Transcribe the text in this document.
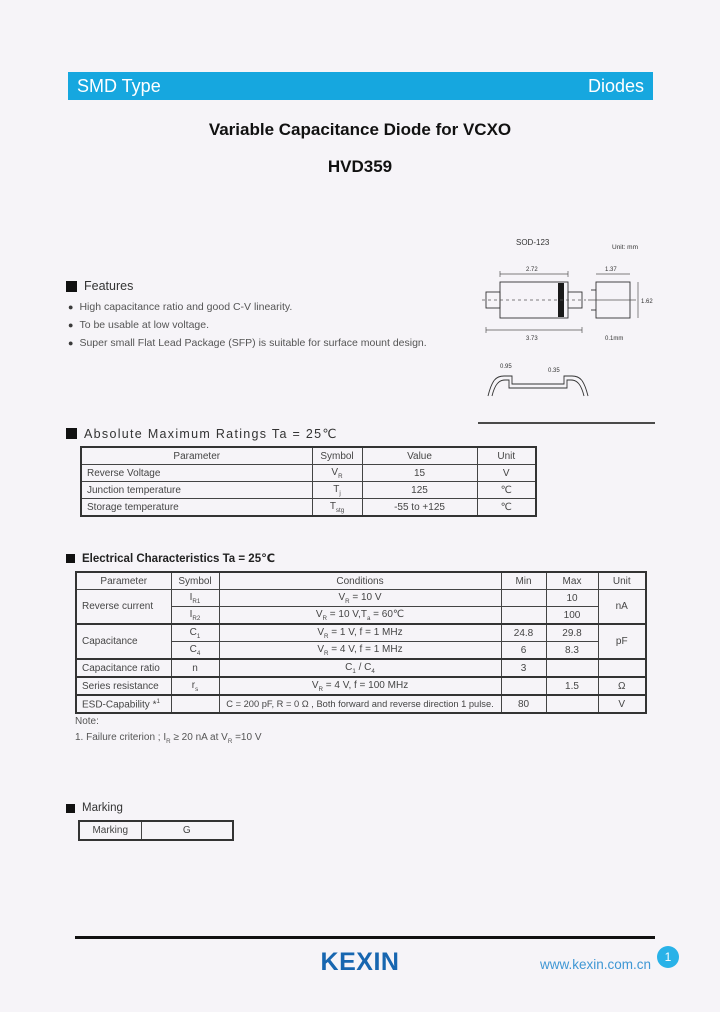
SMD Type	Diodes
Variable Capacitance Diode for VCXO
HVD359
Features
● High capacitance ratio and good C-V linearity.
● To be usable at low voltage.
● Super small Flat Lead Package (SFP) is suitable for surface mount design.
SOD-123
Unit: mm
2.72
3.73
1.37
1.62
0.1mm
0.95
0.35
Absolute Maximum Ratings Ta = 25℃
Parameter	Symbol	Value	Unit
Reverse Voltage	$V_R$	15	V
Junction temperature	$T_j$	125	℃
Storage temperature	$T_{stg}$	-55 to +125	℃
Electrical Characteristics Ta = 25℃
Parameter	Symbol	Conditions	Min	Max	Unit
Reverse current	$I_{R1}$	$V_R = 10$ V		10	nA
	$I_{R2}$	$V_R = 10$ $V,T_a$ = 60℃		100	
Capacitance	$C_1$	$V_R = 1$ V, f = 1 MHz	24.8	29.8	pF
	$C_4$	$V_R = 4$ V, f = 1 MHz	6	8.3	
Capacitance ratio	n	$C_1 / C_4$	3		
Series resistance	$r_s$	$V_R = 4$ V, f = 100 MHz		1.5	Ω
ESD-Capability *$^1$		C = 200 pF, R = 0 Ω , Both forward and reverse direction 1 pulse.	80		V
Note:
1. Failure criterion ; $I_R \ge 20$ nA at $V_R =10$ V
Marking
Marking	G
KEXIN	www.kexin.com.cn	1
